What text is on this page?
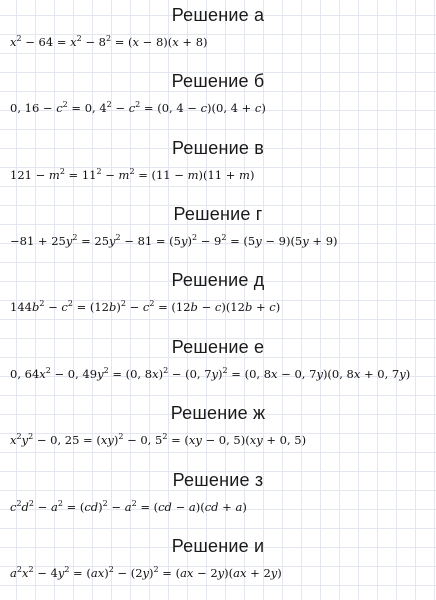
Решение а
$x^2 - 64 = x^2 - 8^2 = (x - 8)(x + 8)$
Решение б
0, $16 - c^2 = 0$, $4^2 - c^2 = (0$, 4 − c)(0, 4 + c)
Решение в
$121 - m^2 = 11^2 - m^2 = (11 - m)(11 + m)$
Решение г
$-81 + 25y^2 = 25y^2 - 81 = (5y)^2 - 9^2 = (5y - 9)(5y + 9)$
Решение д
$144b^2 - c^2 = (12b)^2 - c^2 = (12b - c)(12b + c)$
Решение е
0, $64x^2 - 0$, $49y^2 = (0$, 8x)$^2$ − (0, 7y)$^2$ = (0, 8x − 0, 7y)(0, 8x + 0, 7y)
Решение ж
$x^2y^2 - 0$, 25 = (xy)$^2$ − 0, $5^2 = (xy - 0$, 5)(xy + 0, 5)
Решение з
$c^2d^2 - a^2 = (cd)^2 - a^2 = (cd - a)(cd + a)$
Решение и
$a^2x^2 - 4y^2 = (ax)^2 - (2y)^2 = (ax - 2y)(ax + 2y)$
